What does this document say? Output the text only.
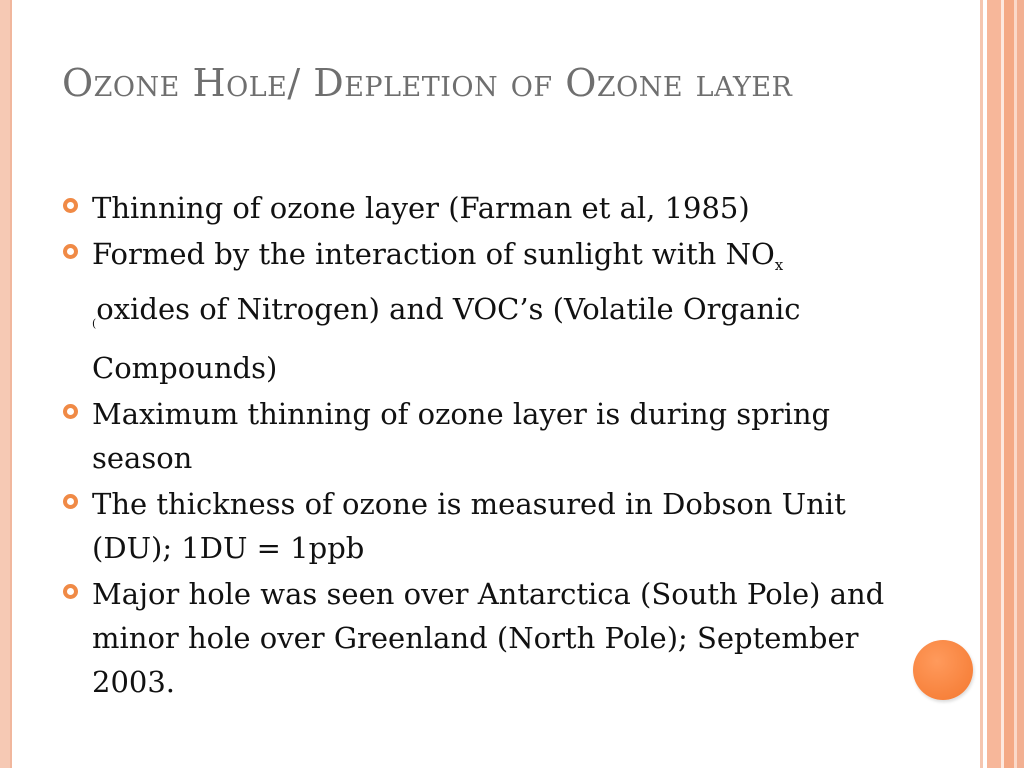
Ozone Hole/ Depletion of Ozone layer
Thinning of ozone layer (Farman et al, 1985)
Formed by the interaction of sunlight with $NO_x$
$_($oxides of Nitrogen) and VOC’s (Volatile Organic Compounds)
Maximum thinning of ozone layer is during spring season
The thickness of ozone is measured in Dobson Unit (DU); 1DU = 1ppb
Major hole was seen over Antarctica (South Pole) and minor hole over Greenland (North Pole); September 2003.
